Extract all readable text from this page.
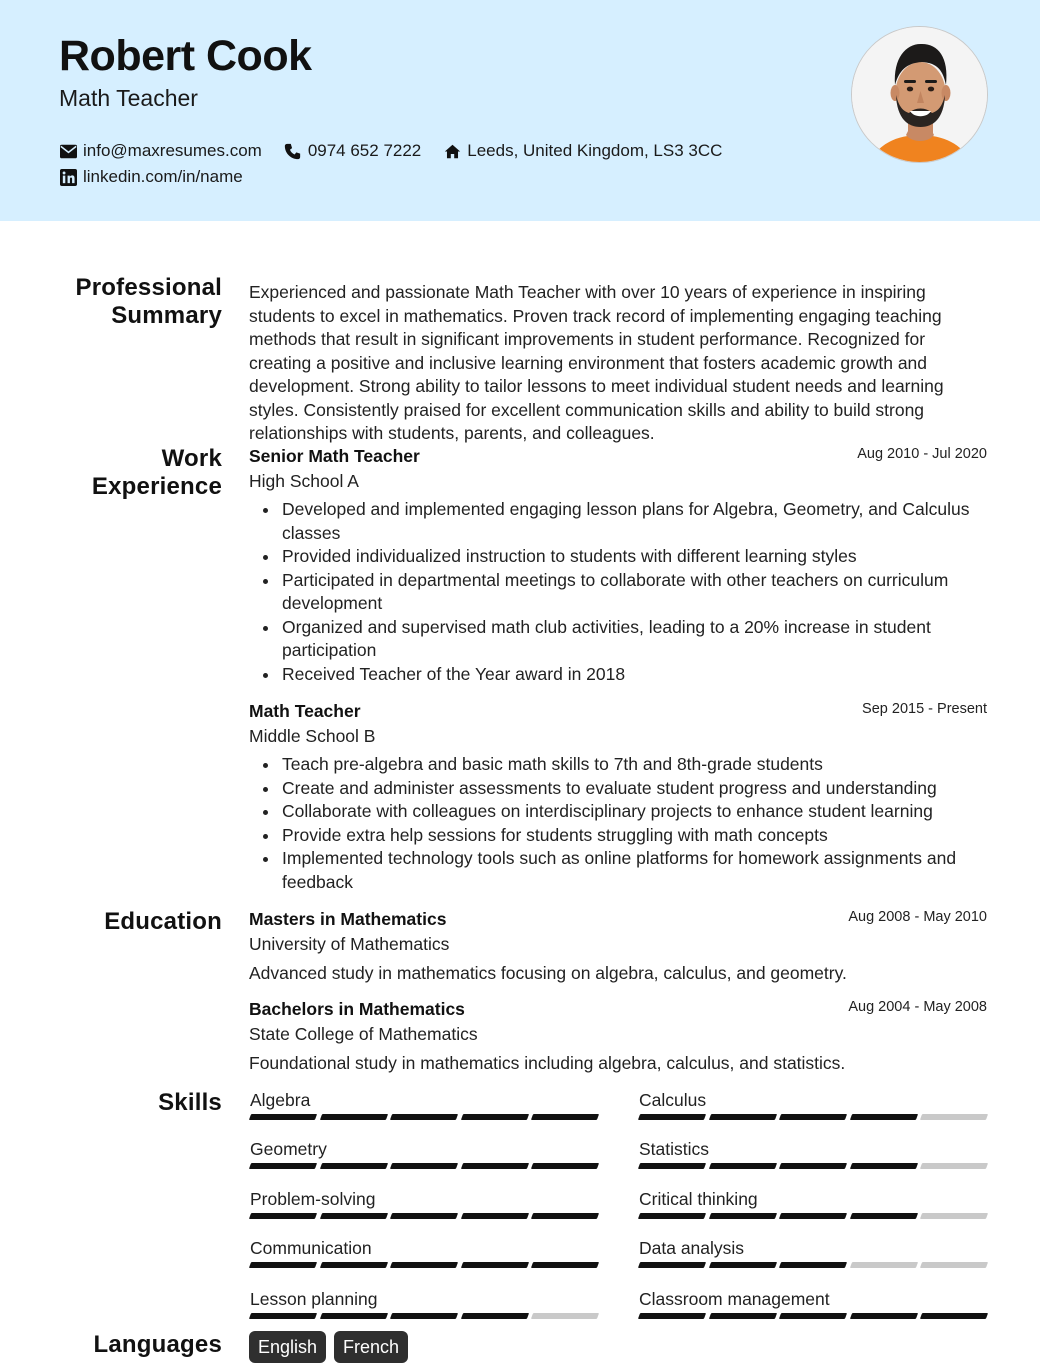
Robert Cook
Math Teacher
info@maxresumes.com	0974 652 7222	Leeds, United Kingdom, LS3 3CC
linkedin.com/in/name
Professional
Summary
Experienced and passionate Math Teacher with over 10 years of experience in inspiring students to excel in mathematics. Proven track record of implementing engaging teaching methods that result in significant improvements in student performance. Recognized for creating a positive and inclusive learning environment that fosters academic growth and development. Strong ability to tailor lessons to meet individual student needs and learning styles. Consistently praised for excellent communication skills and ability to build strong relationships with students, parents, and colleagues.
Work
Experience
Senior Math Teacher	Aug 2010 - Jul 2020
High School A
Developed and implemented engaging lesson plans for Algebra, Geometry, and Calculus classes
Provided individualized instruction to students with different learning styles
Participated in departmental meetings to collaborate with other teachers on curriculum development
Organized and supervised math club activities, leading to a 20% increase in student participation
Received Teacher of the Year award in 2018
Math Teacher	Sep 2015 - Present
Middle School B
Teach pre-algebra and basic math skills to 7th and 8th-grade students
Create and administer assessments to evaluate student progress and understanding
Collaborate with colleagues on interdisciplinary projects to enhance student learning
Provide extra help sessions for students struggling with math concepts
Implemented technology tools such as online platforms for homework assignments and feedback
Education Masters in Mathematics	Aug 2008 - May 2010
University of Mathematics
Advanced study in mathematics focusing on algebra, calculus, and geometry.
Bachelors in Mathematics	Aug 2004 - May 2008
State College of Mathematics
Foundational study in mathematics including algebra, calculus, and statistics.
Skills Algebra	Calculus
Geometry	Statistics
Problem-solving	Critical thinking
Communication	Data analysis
Lesson planning	Classroom management
Languages	English	French
